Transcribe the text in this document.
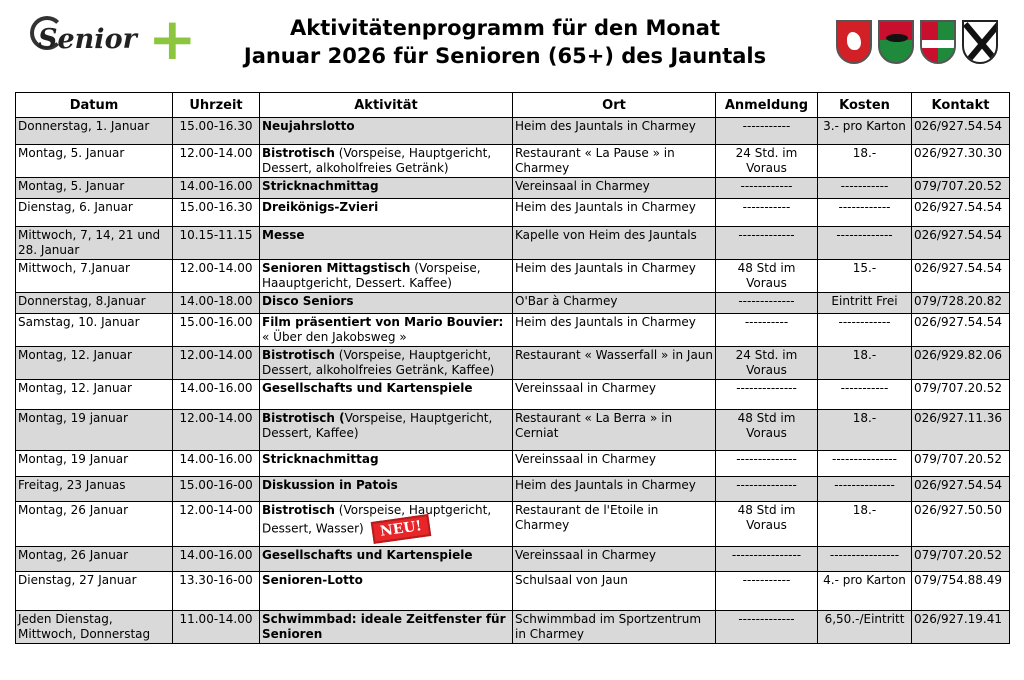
Senior +	Aktivitätenprogramm für den Monat
Januar 2026 für Senioren (65+) des Jauntals
Datum	Uhrzeit	Aktivität	Ort	Anmeldung	Kosten	Kontakt
Donnerstag, 1. Januar	15.00-16.30	Neujahrslotto	Heim des Jauntals in Charmey	-----------	3.- pro Karton	026/927.54.54
Montag, 5. Januar	12.00-14.00	Bistrotisch (Vorspeise, Hauptgericht, Dessert, alkoholfreies Getränk)	Restaurant « La Pause » in Charmey	24 Std. im Voraus	18.-	026/927.30.30
Montag, 5. Januar	14.00-16.00	Stricknachmittag	Vereinsaal in Charmey	------------	-----------	079/707.20.52
Dienstag, 6. Januar	15.00-16.30	Dreikönigs-Zvieri	Heim des Jauntals in Charmey	-----------	------------	026/927.54.54
Mittwoch, 7, 14, 21 und 28. Januar	10.15-11.15	Messe	Kapelle von Heim des Jauntals	-------------	-------------	026/927.54.54
Mittwoch, 7.Januar	12.00-14.00	Senioren Mittagstisch (Vorspeise, Haauptgericht, Dessert. Kaffee)	Heim des Jauntals in Charmey	48 Std im Voraus	15.-	026/927.54.54
Donnerstag, 8.Januar	14.00-18.00	Disco Seniors	O'Bar à Charmey	-------------	Eintritt Frei	079/728.20.82
Samstag, 10. Januar	15.00-16.00	Film präsentiert von Mario Bouvier: « Über den Jakobsweg »	Heim des Jauntals in Charmey	----------	------------	026/927.54.54
Montag, 12. Januar	12.00-14.00	Bistrotisch (Vorspeise, Hauptgericht, Dessert, alkoholfreies Getränk, Kaffee)	Restaurant « Wasserfall » in Jaun	24 Std. im Voraus	18.-	026/929.82.06
Montag, 12. Januar	14.00-16.00	Gesellschafts und Kartenspiele	Vereinssaal in Charmey	--------------	-----------	079/707.20.52
Montag, 19 januar	12.00-14.00	Bistrotisch (Vorspeise, Hauptgericht, Dessert, Kaffee)	Restaurant « La Berra » in Cerniat	48 Std im Voraus	18.-	026/927.11.36
Montag, 19 Januar	14.00-16.00	Stricknachmittag	Vereinssaal in Charmey	--------------	---------------	079/707.20.52
Freitag, 23 Januas	15.00-16-00	Diskussion in Patois	Heim des Jauntals in Charmey	--------------	--------------	026/927.54.54
Montag, 26 Januar	12.00-14-00	Bistrotisch (Vorspeise, Hauptgericht, Dessert, Wasser) NEU!	Restaurant de l'Etoile in Charmey	48 Std im Voraus	18.-	026/927.50.50
Montag, 26 Januar	14.00-16.00	Gesellschafts und Kartenspiele	Vereinssaal in Charmey	----------------	----------------	079/707.20.52
Dienstag, 27 Januar	13.30-16-00	Senioren-Lotto	Schulsaal von Jaun	-----------	4.- pro Karton	079/754.88.49
Jeden Dienstag, Mittwoch, Donnerstag	11.00-14.00	Schwimmbad: ideale Zeitfenster für Senioren	Schwimmbad im Sportzentrum in Charmey	-------------	6,50.-/Eintritt	026/927.19.41
